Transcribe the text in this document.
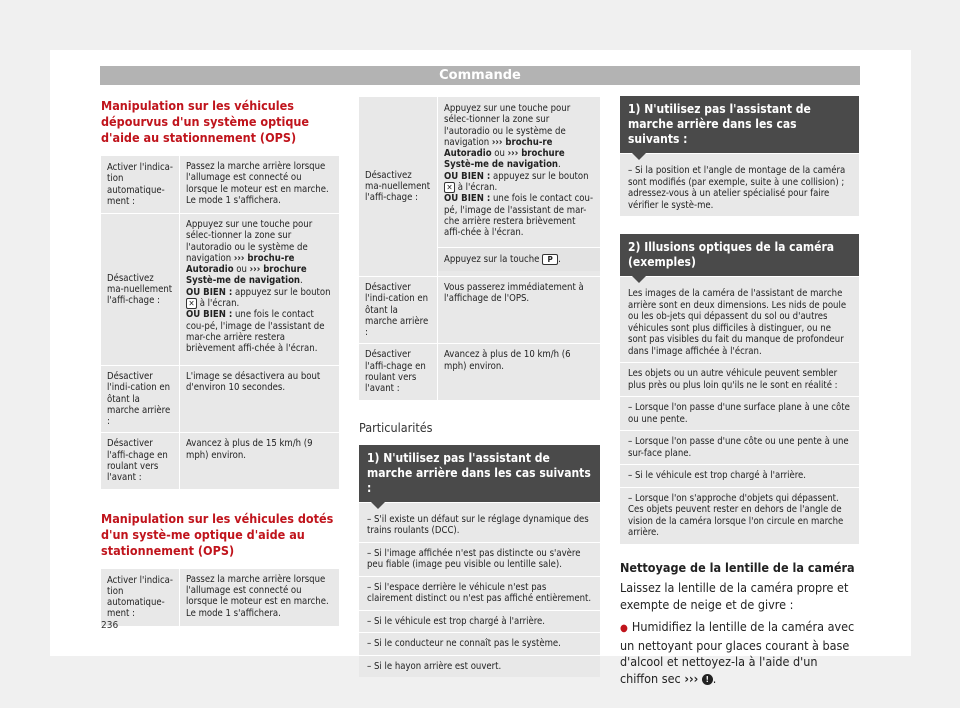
Commande
Manipulation sur les véhicules dépourvus d'un système optique d'aide au stationnement (OPS)
Activer l'indica-tion automatique-ment :
Passez la marche arrière lorsque l'allumage est connecté ou lorsque le moteur est en marche. Le mode 1 s'affichera.
Désactivez ma-nuellement l'affi-chage :
Appuyez sur une touche pour sélec-tionner la zone sur l'autoradio ou le système de navigation ››› brochu-re Autoradio ou ››› brochure Systè-me de navigation.
OU BIEN : appuyez sur le bouton ✕ à l'écran.
OU BIEN : une fois le contact cou-pé, l'image de l'assistant de mar-che arrière restera brièvement affi-chée à l'écran.
Désactiver l'indi-cation en ôtant la marche arrière :
L'image se désactivera au bout d'environ 10 secondes.
Désactiver l'affi-chage en roulant vers l'avant :
Avancez à plus de 15 km/h (9 mph) environ.
Manipulation sur les véhicules dotés d'un systè-me optique d'aide au stationnement (OPS)
Activer l'indica-tion automatique-ment :
Passez la marche arrière lorsque l'allumage est connecté ou lorsque le moteur est en marche. Le mode 1 s'affichera.
Désactivez ma-nuellement l'affi-chage :
Appuyez sur une touche pour sélec-tionner la zone sur l'autoradio ou le système de navigation ››› brochu-re Autoradio ou ››› brochure Systè-me de navigation.
OU BIEN : appuyez sur le bouton ✕ à l'écran.
OU BIEN : une fois le contact cou-pé, l'image de l'assistant de mar-che arrière restera brièvement affi-chée à l'écran.
Appuyez sur la touche P .
Désactiver l'indi-cation en ôtant la marche arrière :
Vous passerez immédiatement à l'affichage de l'OPS.
Désactiver l'affi-chage en roulant vers l'avant :
Avancez à plus de 10 km/h (6 mph) environ.
Particularités
1) N'utilisez pas l'assistant de marche arrière dans les cas suivants :
– S'il existe un défaut sur le réglage dynamique des trains roulants (DCC).
– Si l'image affichée n'est pas distincte ou s'avère peu fiable (image peu visible ou lentille sale).
– Si l'espace derrière le véhicule n'est pas clairement distinct ou n'est pas affiché entièrement.
– Si le véhicule est trop chargé à l'arrière.
– Si le conducteur ne connaît pas le système.
– Si le hayon arrière est ouvert.
1) N'utilisez pas l'assistant de marche arrière dans les cas suivants :
– Si la position et l'angle de montage de la caméra sont modifiés (par exemple, suite à une collision) ; adressez-vous à un atelier spécialisé pour faire vérifier le systè-me.
2) Illusions optiques de la caméra (exemples)
Les images de la caméra de l'assistant de marche arrière sont en deux dimensions. Les nids de poule ou les ob-jets qui dépassent du sol ou d'autres véhicules sont plus difficiles à distinguer, ou ne sont pas visibles du fait du manque de profondeur dans l'image affichée à l'écran.
Les objets ou un autre véhicule peuvent sembler plus près ou plus loin qu'ils ne le sont en réalité :
– Lorsque l'on passe d'une surface plane à une côte ou une pente.
– Lorsque l'on passe d'une côte ou une pente à une sur-face plane.
– Si le véhicule est trop chargé à l'arrière.
– Lorsque l'on s'approche d'objets qui dépassent. Ces objets peuvent rester en dehors de l'angle de vision de la caméra lorsque l'on circule en marche arrière.
Nettoyage de la lentille de la caméra

Laissez la lentille de la caméra propre et exempte de neige et de givre :

● Humidifiez la lentille de la caméra avec un nettoyant pour glaces courant à base d'alcool et nettoyez-la à l'aide d'un chiffon sec ››› ! .

236
